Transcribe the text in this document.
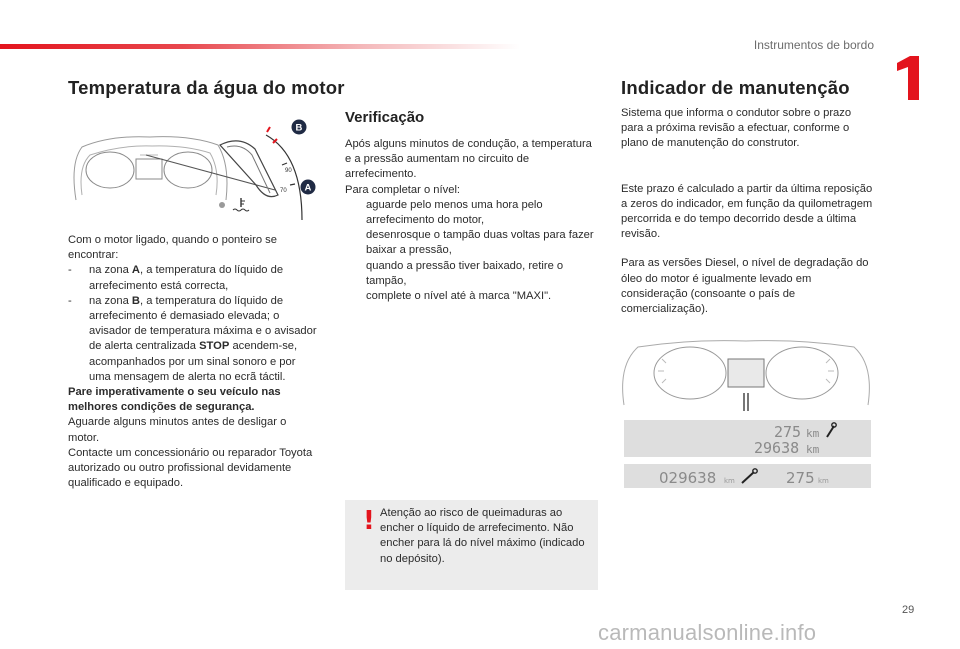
Instrumentos de bordo
Temperatura da água do motor
90
70
B
A

Com o motor ligado, quando o ponteiro se encontrar:

- na zona A, a temperatura do líquido de arrefecimento está correcta,

- na zona B, a temperatura do líquido de arrefecimento é demasiado elevada; o avisador de temperatura máxima e o avisador de alerta centralizada STOP acendem-se, acompanhados por um sinal sonoro e por uma mensagem de alerta no ecrã táctil.

Pare imperativamente o seu veículo nas melhores condições de segurança.

Aguarde alguns minutos antes de desligar o motor.

Contacte um concessionário ou reparador Toyota autorizado ou outro profissional devidamente qualificado e equipado.

Verificação

Após alguns minutos de condução, a temperatura e a pressão aumentam no circuito de arrefecimento.

Para completar o nível:

aguarde pelo menos uma hora pelo arrefecimento do motor,

desenrosque o tampão duas voltas para fazer baixar a pressão,

quando a pressão tiver baixado, retire o tampão,

complete o nível até à marca "MAXI".

! Atenção ao risco de queimaduras ao encher o líquido de arrefecimento. Não encher para lá do nível máximo (indicado no depósito).
Indicador de manutenção

Sistema que informa o condutor sobre o prazo para a próxima revisão a efectuar, conforme o plano de manutenção do construtor.

Este prazo é calculado a partir da última reposição a zeros do indicador, em função da quilometragem percorrida e do tempo decorrido desde a última revisão.

Para as versões Diesel, o nível de degradação do óleo do motor é igualmente levado em consideração (consoante o país de comercialização).

275 km
29638 km
029638 km	275 km
29
carmanualsonline.info
